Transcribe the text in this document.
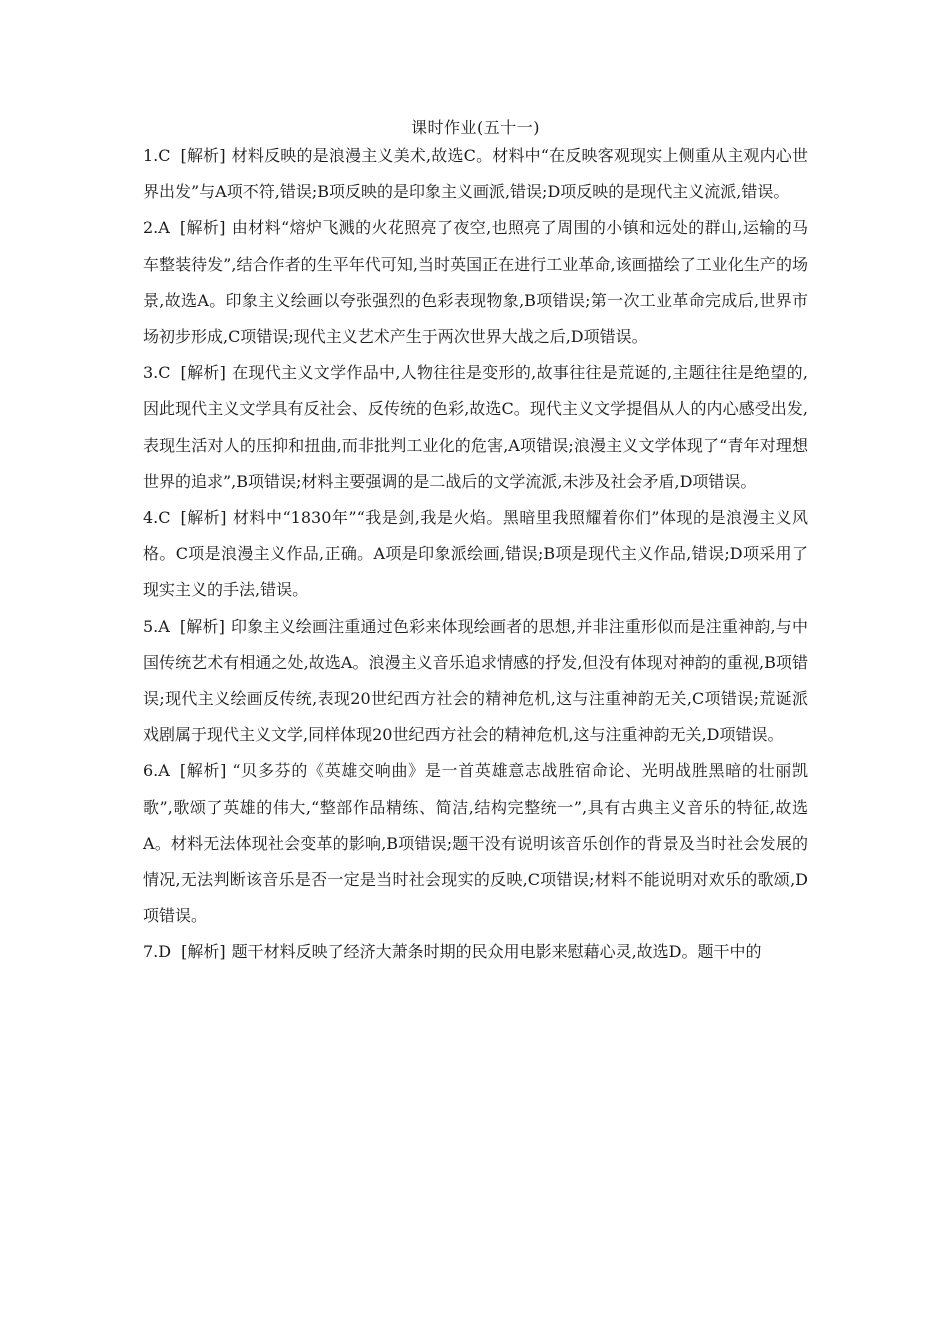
课时作业(五十一)

1.C [解析] 材料反映的是浪漫主义美术,故选C。材料中“在反映客观现实上侧重从主观内心世界出发”与A项不符,错误;B项反映的是印象主义画派,错误;D项反映的是现代主义流派,错误。

2.A [解析] 由材料“熔炉飞溅的火花照亮了夜空,也照亮了周围的小镇和远处的群山,运输的马车整装待发”,结合作者的生平年代可知,当时英国正在进行工业革命,该画描绘了工业化生产的场景,故选A。印象主义绘画以夸张强烈的色彩表现物象,B项错误;第一次工业革命完成后,世界市场初步形成,C项错误;现代主义艺术产生于两次世界大战之后,D项错误。

3.C [解析] 在现代主义文学作品中,人物往往是变形的,故事往往是荒诞的,主题往往是绝望的,因此现代主义文学具有反社会、反传统的色彩,故选C。现代主义文学提倡从人的内心感受出发,表现生活对人的压抑和扭曲,而非批判工业化的危害,A项错误;浪漫主义文学体现了“青年对理想世界的追求”,B项错误;材料主要强调的是二战后的文学流派,未涉及社会矛盾,D项错误。

4.C [解析] 材料中“1830年”“我是剑,我是火焰。黑暗里我照耀着你们”体现的是浪漫主义风格。C项是浪漫主义作品,正确。A项是印象派绘画,错误;B项是现代主义作品,错误;D项采用了现实主义的手法,错误。

5.A [解析] 印象主义绘画注重通过色彩来体现绘画者的思想,并非注重形似而是注重神韵,与中国传统艺术有相通之处,故选A。浪漫主义音乐追求情感的抒发,但没有体现对神韵的重视,B项错误;现代主义绘画反传统,表现20世纪西方社会的精神危机,这与注重神韵无关,C项错误;荒诞派戏剧属于现代主义文学,同样体现20世纪西方社会的精神危机,这与注重神韵无关,D项错误。

6.A [解析] “贝多芬的《英雄交响曲》是一首英雄意志战胜宿命论、光明战胜黑暗的壮丽凯歌”,歌颂了英雄的伟大,“整部作品精练、简洁,结构完整统一”,具有古典主义音乐的特征,故选A。材料无法体现社会变革的影响,B项错误;题干没有说明该音乐创作的背景及当时社会发展的情况,无法判断该音乐是否一定是当时社会现实的反映,C项错误;材料不能说明对欢乐的歌颂,D项错误。

7.D [解析] 题干材料反映了经济大萧条时期的民众用电影来慰藉心灵,故选D。题干中的
